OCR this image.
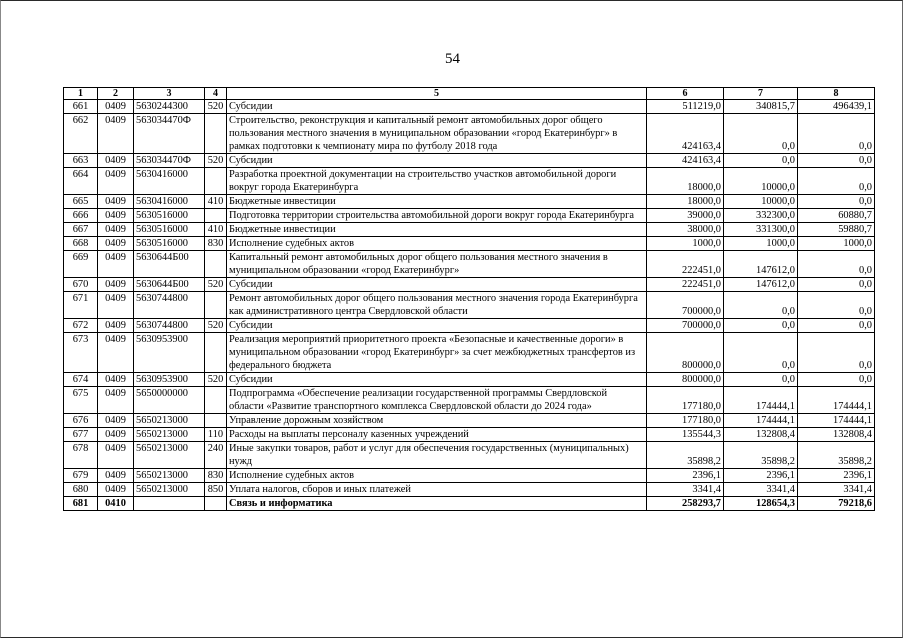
54
1	2	3	4	5	6	7	8
661	0409	5630244300	520	Субсидии	511219,0	340815,7	496439,1
662	0409	563034470Ф		Строительство, реконструкция и капитальный ремонт автомобильных дорог общего пользования местного значения в муниципальном образовании «город Екатеринбург» в рамках подготовки к чемпионату мира по футболу 2018 года	424163,4	0,0	0,0
663	0409	563034470Ф	520	Субсидии	424163,4	0,0	0,0
664	0409	5630416000		Разработка проектной документации на строительство участков автомобильной дороги вокруг города Екатеринбурга	18000,0	10000,0	0,0
665	0409	5630416000	410	Бюджетные инвестиции	18000,0	10000,0	0,0
666	0409	5630516000		Подготовка территории строительства автомобильной дороги вокруг города Екатеринбурга	39000,0	332300,0	60880,7
667	0409	5630516000	410	Бюджетные инвестиции	38000,0	331300,0	59880,7
668	0409	5630516000	830	Исполнение судебных актов	1000,0	1000,0	1000,0
669	0409	5630644Б00		Капитальный ремонт автомобильных дорог общего пользования местного значения в муниципальном образовании «город Екатеринбург»	222451,0	147612,0	0,0
670	0409	5630644Б00	520	Субсидии	222451,0	147612,0	0,0
671	0409	5630744800		Ремонт автомобильных дорог общего пользования местного значения города Екатеринбурга как административного центра Свердловской области	700000,0	0,0	0,0
672	0409	5630744800	520	Субсидии	700000,0	0,0	0,0
673	0409	5630953900		Реализация мероприятий приоритетного проекта «Безопасные и качественные дороги» в муниципальном образовании «город Екатеринбург» за счет межбюджетных трансфертов из федерального бюджета	800000,0	0,0	0,0
674	0409	5630953900	520	Субсидии	800000,0	0,0	0,0
675	0409	5650000000		Подпрограмма «Обеспечение реализации государственной программы Свердловской области «Развитие транспортного комплекса Свердловской области до 2024 года»	177180,0	174444,1	174444,1
676	0409	5650213000		Управление дорожным хозяйством	177180,0	174444,1	174444,1
677	0409	5650213000	110	Расходы на выплаты персоналу казенных учреждений	135544,3	132808,4	132808,4
678	0409	5650213000	240	Иные закупки товаров, работ и услуг для обеспечения государственных (муниципальных) нужд	35898,2	35898,2	35898,2
679	0409	5650213000	830	Исполнение судебных актов	2396,1	2396,1	2396,1
680	0409	5650213000	850	Уплата налогов, сборов и иных платежей	3341,4	3341,4	3341,4
681	0410			Связь и информатика	258293,7	128654,3	79218,6
